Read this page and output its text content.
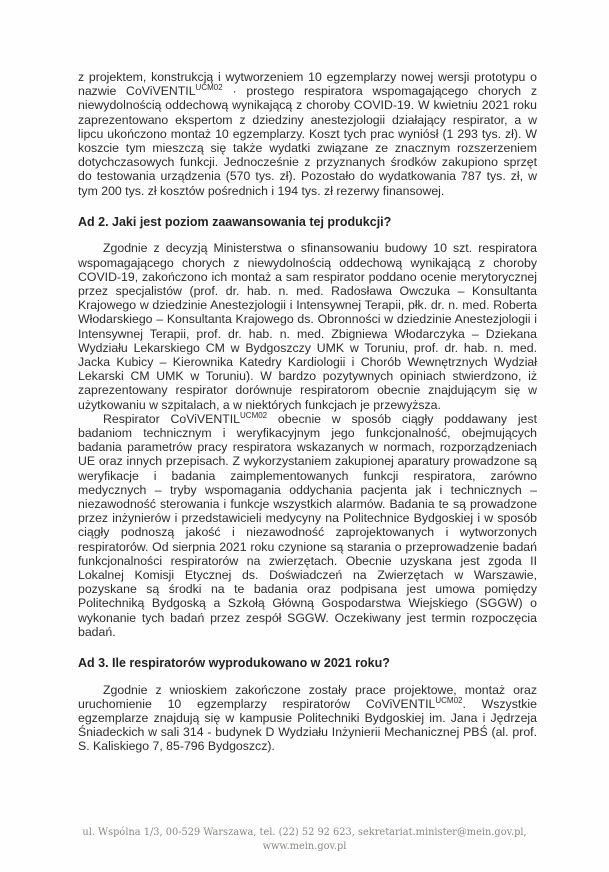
z projektem, konstrukcją i wytworzeniem 10 egzemplarzy nowej wersji prototypu o nazwie CoViVENTIL$^{UCM02}$ · prostego respiratora wspomagającego chorych z niewydolnością oddechową wynikającą z choroby COVID-19. W kwietniu 2021 roku zaprezentowano ekspertom z dziedziny anestezjologii działający respirator, a w lipcu ukończono montaż 10 egzemplarzy. Koszt tych prac wyniósł (1 293 tys. zł). W koszcie tym mieszczą się także wydatki związane ze znacznym rozszerzeniem dotychczasowych funkcji. Jednocześnie z przyznanych środków zakupiono sprzęt do testowania urządzenia (570 tys. zł). Pozostało do wydatkowania 787 tys. zł, w tym 200 tys. zł kosztów pośrednich i 194 tys. zł rezerwy finansowej.

Ad 2. Jaki jest poziom zaawansowania tej produkcji?

Zgodnie z decyzją Ministerstwa o sfinansowaniu budowy 10 szt. respiratora wspomagającego chorych z niewydolnością oddechową wynikającą z choroby COVID-19, zakończono ich montaż a sam respirator poddano ocenie merytorycznej przez specjalistów (prof. dr. hab. n. med. Radosława Owczuka – Konsultanta Krajowego w dziedzinie Anestezjologii i Intensywnej Terapii, płk. dr. n. med. Roberta Włodarskiego – Konsultanta Krajowego ds. Obronności w dziedzinie Anestezjologii i Intensywnej Terapii, prof. dr. hab. n. med. Zbigniewa Włodarczyka – Dziekana Wydziału Lekarskiego CM w Bydgoszczy UMK w Toruniu, prof. dr. hab. n. med. Jacka Kubicy – Kierownika Katedry Kardiologii i Chorób Wewnętrznych Wydział Lekarski CM UMK w Toruniu). W bardzo pozytywnych opiniach stwierdzono, iż zaprezentowany respirator dorównuje respiratorom obecnie znajdującym się w użytkowaniu w szpitalach, a w niektórych funkcjach je przewyższa.

Respirator CoViVENTIL$^{UCM02}$ obecnie w sposób ciągły poddawany jest badaniom technicznym i weryfikacyjnym jego funkcjonalność, obejmujących badania parametrów pracy respiratora wskazanych w normach, rozporządzeniach UE oraz innych przepisach. Z wykorzystaniem zakupionej aparatury prowadzone są weryfikacje i badania zaimplementowanych funkcji respiratora, zarówno medycznych – tryby wspomagania oddychania pacjenta jak i technicznych – niezawodność sterowania i funkcje wszystkich alarmów. Badania te są prowadzone przez inżynierów i przedstawicieli medycyny na Politechnice Bydgoskiej i w sposób ciągły podnoszą jakość i niezawodność zaprojektowanych i wytworzonych respiratorów. Od sierpnia 2021 roku czynione są starania o przeprowadzenie badań funkcjonalności respiratorów na zwierzętach. Obecnie uzyskana jest zgoda II Lokalnej Komisji Etycznej ds. Doświadczeń na Zwierzętach w Warszawie, pozyskane są środki na te badania oraz podpisana jest umowa pomiędzy Politechniką Bydgoską a Szkołą Główną Gospodarstwa Wiejskiego (SGGW) o wykonanie tych badań przez zespół SGGW. Oczekiwany jest termin rozpoczęcia badań.

Ad 3. Ile respiratorów wyprodukowano w 2021 roku?

Zgodnie z wnioskiem zakończone zostały prace projektowe, montaż oraz uruchomienie 10 egzemplarzy respiratorów CoViVENTIL$^{UCM02}$. Wszystkie egzemplarze znajdują się w kampusie Politechniki Bydgoskiej im. Jana i Jędrzeja Śniadeckich w sali 314 - budynek D Wydziału Inżynierii Mechanicznej PBŚ (al. prof. S. Kaliskiego 7, 85-796 Bydgoszcz).

ul. Wspólna 1/3, 00-529 Warszawa, tel. (22) 52 92 623, sekretariat.minister@mein.gov.pl,
www.mein.gov.pl
